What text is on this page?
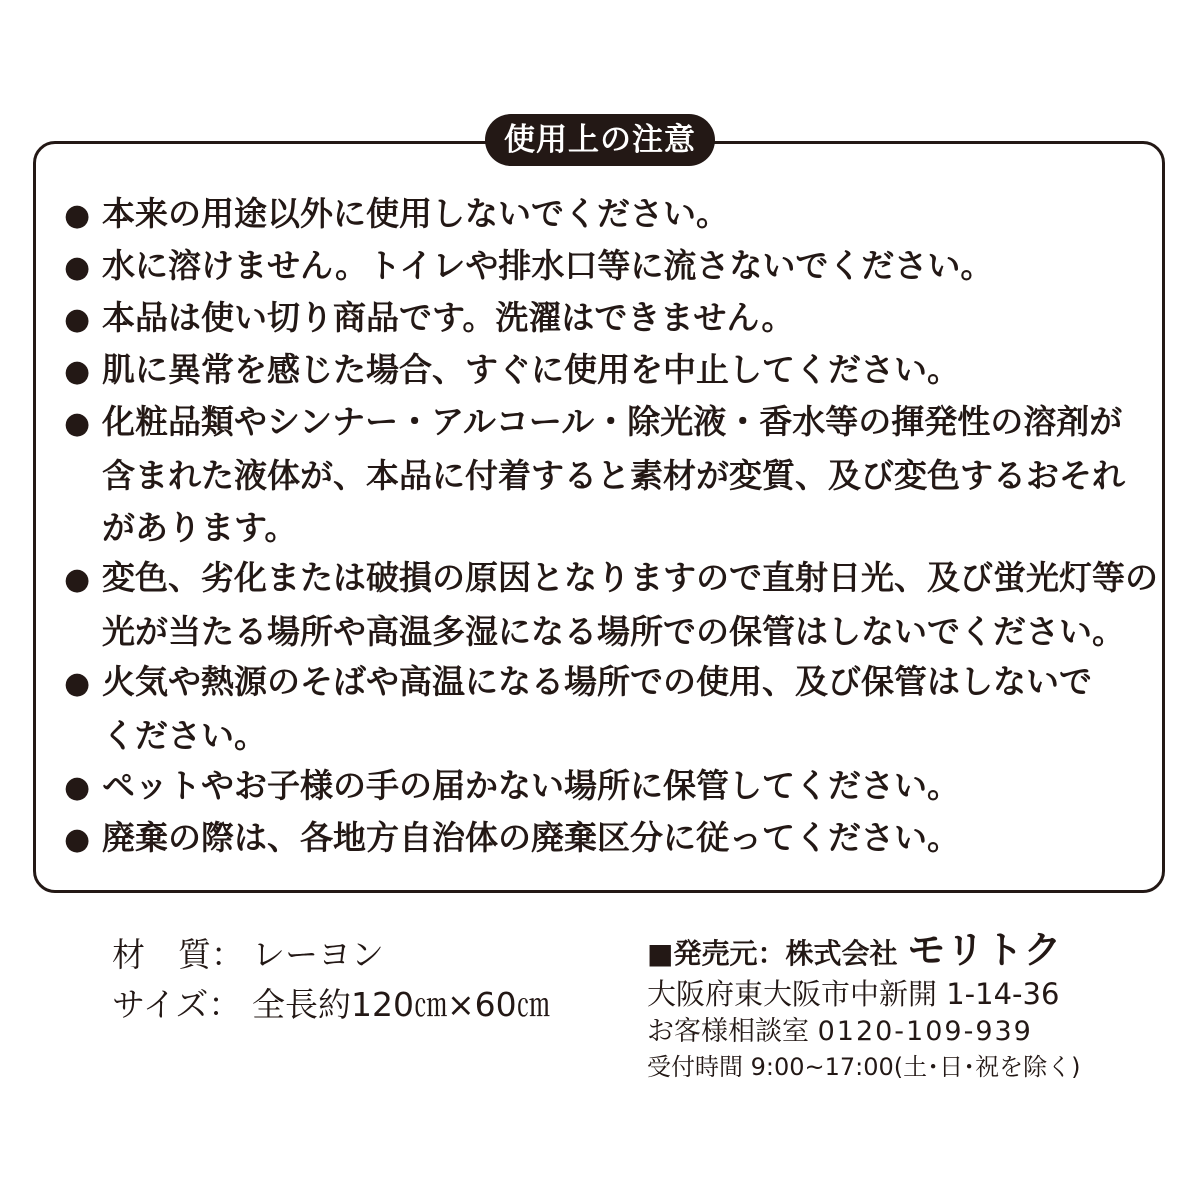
使用上の注意
● 本来の用途以外に使用しないでください。
● 水に溶けません。トイレや排水口等に流さないでください。
● 本品は使い切り商品です。洗濯はできません。
● 肌に異常を感じた場合、すぐに使用を中止してください。
● 化粧品類やシンナー・アルコール・除光液・香水等の揮発性の溶剤が
含まれた液体が、本品に付着すると素材が変質、及び変色するおそれ
があります。
● 変色、劣化または破損の原因となりますので直射日光、及び蛍光灯等の
光が当たる場所や高温多湿になる場所での保管はしないでください。
● 火気や熱源のそばや高温になる場所での使用、及び保管はしないで
ください。
● ペットやお子様の手の届かない場所に保管してください。
● 廃棄の際は、各地方自治体の廃棄区分に従ってください。
材　質： レーヨン
サイズ： 全長約120㎝×60㎝
■発売元：株式会社 モリトク
大阪府東大阪市中新開 1-14-36
お客様相談室 0120-109-939
受付時間 9:00~17:00(土･日･祝を除く)
